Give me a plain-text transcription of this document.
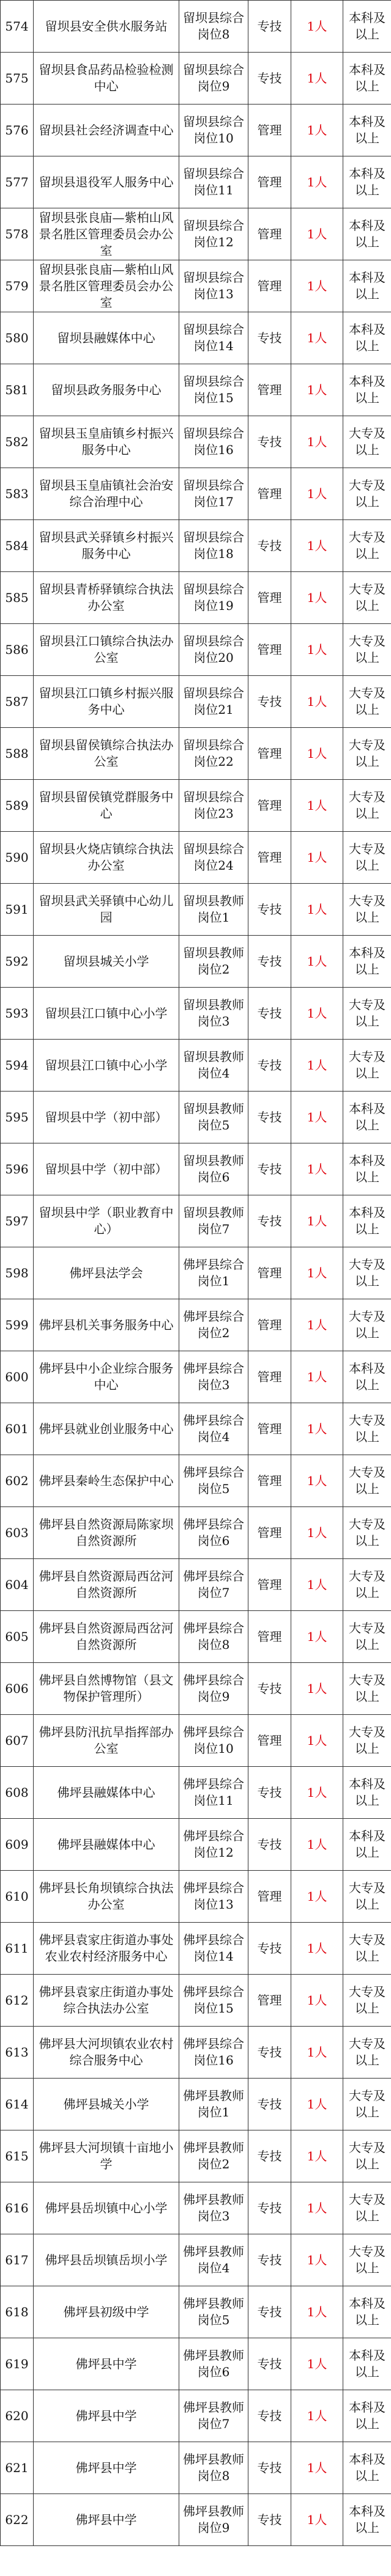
574	留坝县安全供水服务站	留坝县综合岗位8	专技	1人	本科及以上
575	留坝县食品药品检验检测中心	留坝县综合岗位9	专技	1人	本科及以上
576	留坝县社会经济调查中心	留坝县综合岗位10	管理	1人	本科及以上
577	留坝县退役军人服务中心	留坝县综合岗位11	管理	1人	本科及以上
578	留坝县张良庙—紫柏山风景名胜区管理委员会办公室	留坝县综合岗位12	管理	1人	本科及以上
579	留坝县张良庙—紫柏山风景名胜区管理委员会办公室	留坝县综合岗位13	管理	1人	本科及以上
580	留坝县融媒体中心	留坝县综合岗位14	专技	1人	本科及以上
581	留坝县政务服务中心	留坝县综合岗位15	管理	1人	本科及以上
582	留坝县玉皇庙镇乡村振兴服务中心	留坝县综合岗位16	专技	1人	大专及以上
583	留坝县玉皇庙镇社会治安综合治理中心	留坝县综合岗位17	管理	1人	大专及以上
584	留坝县武关驿镇乡村振兴服务中心	留坝县综合岗位18	专技	1人	大专及以上
585	留坝县青桥驿镇综合执法办公室	留坝县综合岗位19	管理	1人	大专及以上
586	留坝县江口镇综合执法办公室	留坝县综合岗位20	管理	1人	大专及以上
587	留坝县江口镇乡村振兴服务中心	留坝县综合岗位21	专技	1人	大专及以上
588	留坝县留侯镇综合执法办公室	留坝县综合岗位22	管理	1人	大专及以上
589	留坝县留侯镇党群服务中心	留坝县综合岗位23	管理	1人	大专及以上
590	留坝县火烧店镇综合执法办公室	留坝县综合岗位24	管理	1人	大专及以上
591	留坝县武关驿镇中心幼儿园	留坝县教师岗位1	专技	1人	大专及以上
592	留坝县城关小学	留坝县教师岗位2	专技	1人	本科及以上
593	留坝县江口镇中心小学	留坝县教师岗位3	专技	1人	大专及以上
594	留坝县江口镇中心小学	留坝县教师岗位4	专技	1人	大专及以上
595	留坝县中学（初中部）	留坝县教师岗位5	专技	1人	本科及以上
596	留坝县中学（初中部）	留坝县教师岗位6	专技	1人	本科及以上
597	留坝县中学（职业教育中心）	留坝县教师岗位7	专技	1人	本科及以上
598	佛坪县法学会	佛坪县综合岗位1	管理	1人	大专及以上
599	佛坪县机关事务服务中心	佛坪县综合岗位2	管理	1人	大专及以上
600	佛坪县中小企业综合服务中心	佛坪县综合岗位3	管理	1人	本科及以上
601	佛坪县就业创业服务中心	佛坪县综合岗位4	管理	1人	大专及以上
602	佛坪县秦岭生态保护中心	佛坪县综合岗位5	管理	1人	大专及以上
603	佛坪县自然资源局陈家坝自然资源所	佛坪县综合岗位6	管理	1人	大专及以上
604	佛坪县自然资源局西岔河自然资源所	佛坪县综合岗位7	管理	1人	大专及以上
605	佛坪县自然资源局西岔河自然资源所	佛坪县综合岗位8	管理	1人	大专及以上
606	佛坪县自然博物馆（县文物保护管理所）	佛坪县综合岗位9	专技	1人	大专及以上
607	佛坪县防汛抗旱指挥部办公室	佛坪县综合岗位10	管理	1人	大专及以上
608	佛坪县融媒体中心	佛坪县综合岗位11	专技	1人	本科及以上
609	佛坪县融媒体中心	佛坪县综合岗位12	专技	1人	本科及以上
610	佛坪县长角坝镇综合执法办公室	佛坪县综合岗位13	管理	1人	大专及以上
611	佛坪县袁家庄街道办事处农业农村经济服务中心	佛坪县综合岗位14	专技	1人	大专及以上
612	佛坪县袁家庄街道办事处综合执法办公室	佛坪县综合岗位15	管理	1人	大专及以上
613	佛坪县大河坝镇农业农村综合服务中心	佛坪县综合岗位16	专技	1人	大专及以上
614	佛坪县城关小学	佛坪县教师岗位1	专技	1人	大专及以上
615	佛坪县大河坝镇十亩地小学	佛坪县教师岗位2	专技	1人	大专及以上
616	佛坪县岳坝镇中心小学	佛坪县教师岗位3	专技	1人	大专及以上
617	佛坪县岳坝镇岳坝小学	佛坪县教师岗位4	专技	1人	大专及以上
618	佛坪县初级中学	佛坪县教师岗位5	专技	1人	本科及以上
619	佛坪县中学	佛坪县教师岗位6	专技	1人	本科及以上
620	佛坪县中学	佛坪县教师岗位7	专技	1人	本科及以上
621	佛坪县中学	佛坪县教师岗位8	专技	1人	本科及以上
622	佛坪县中学	佛坪县教师岗位9	专技	1人	本科及以上
